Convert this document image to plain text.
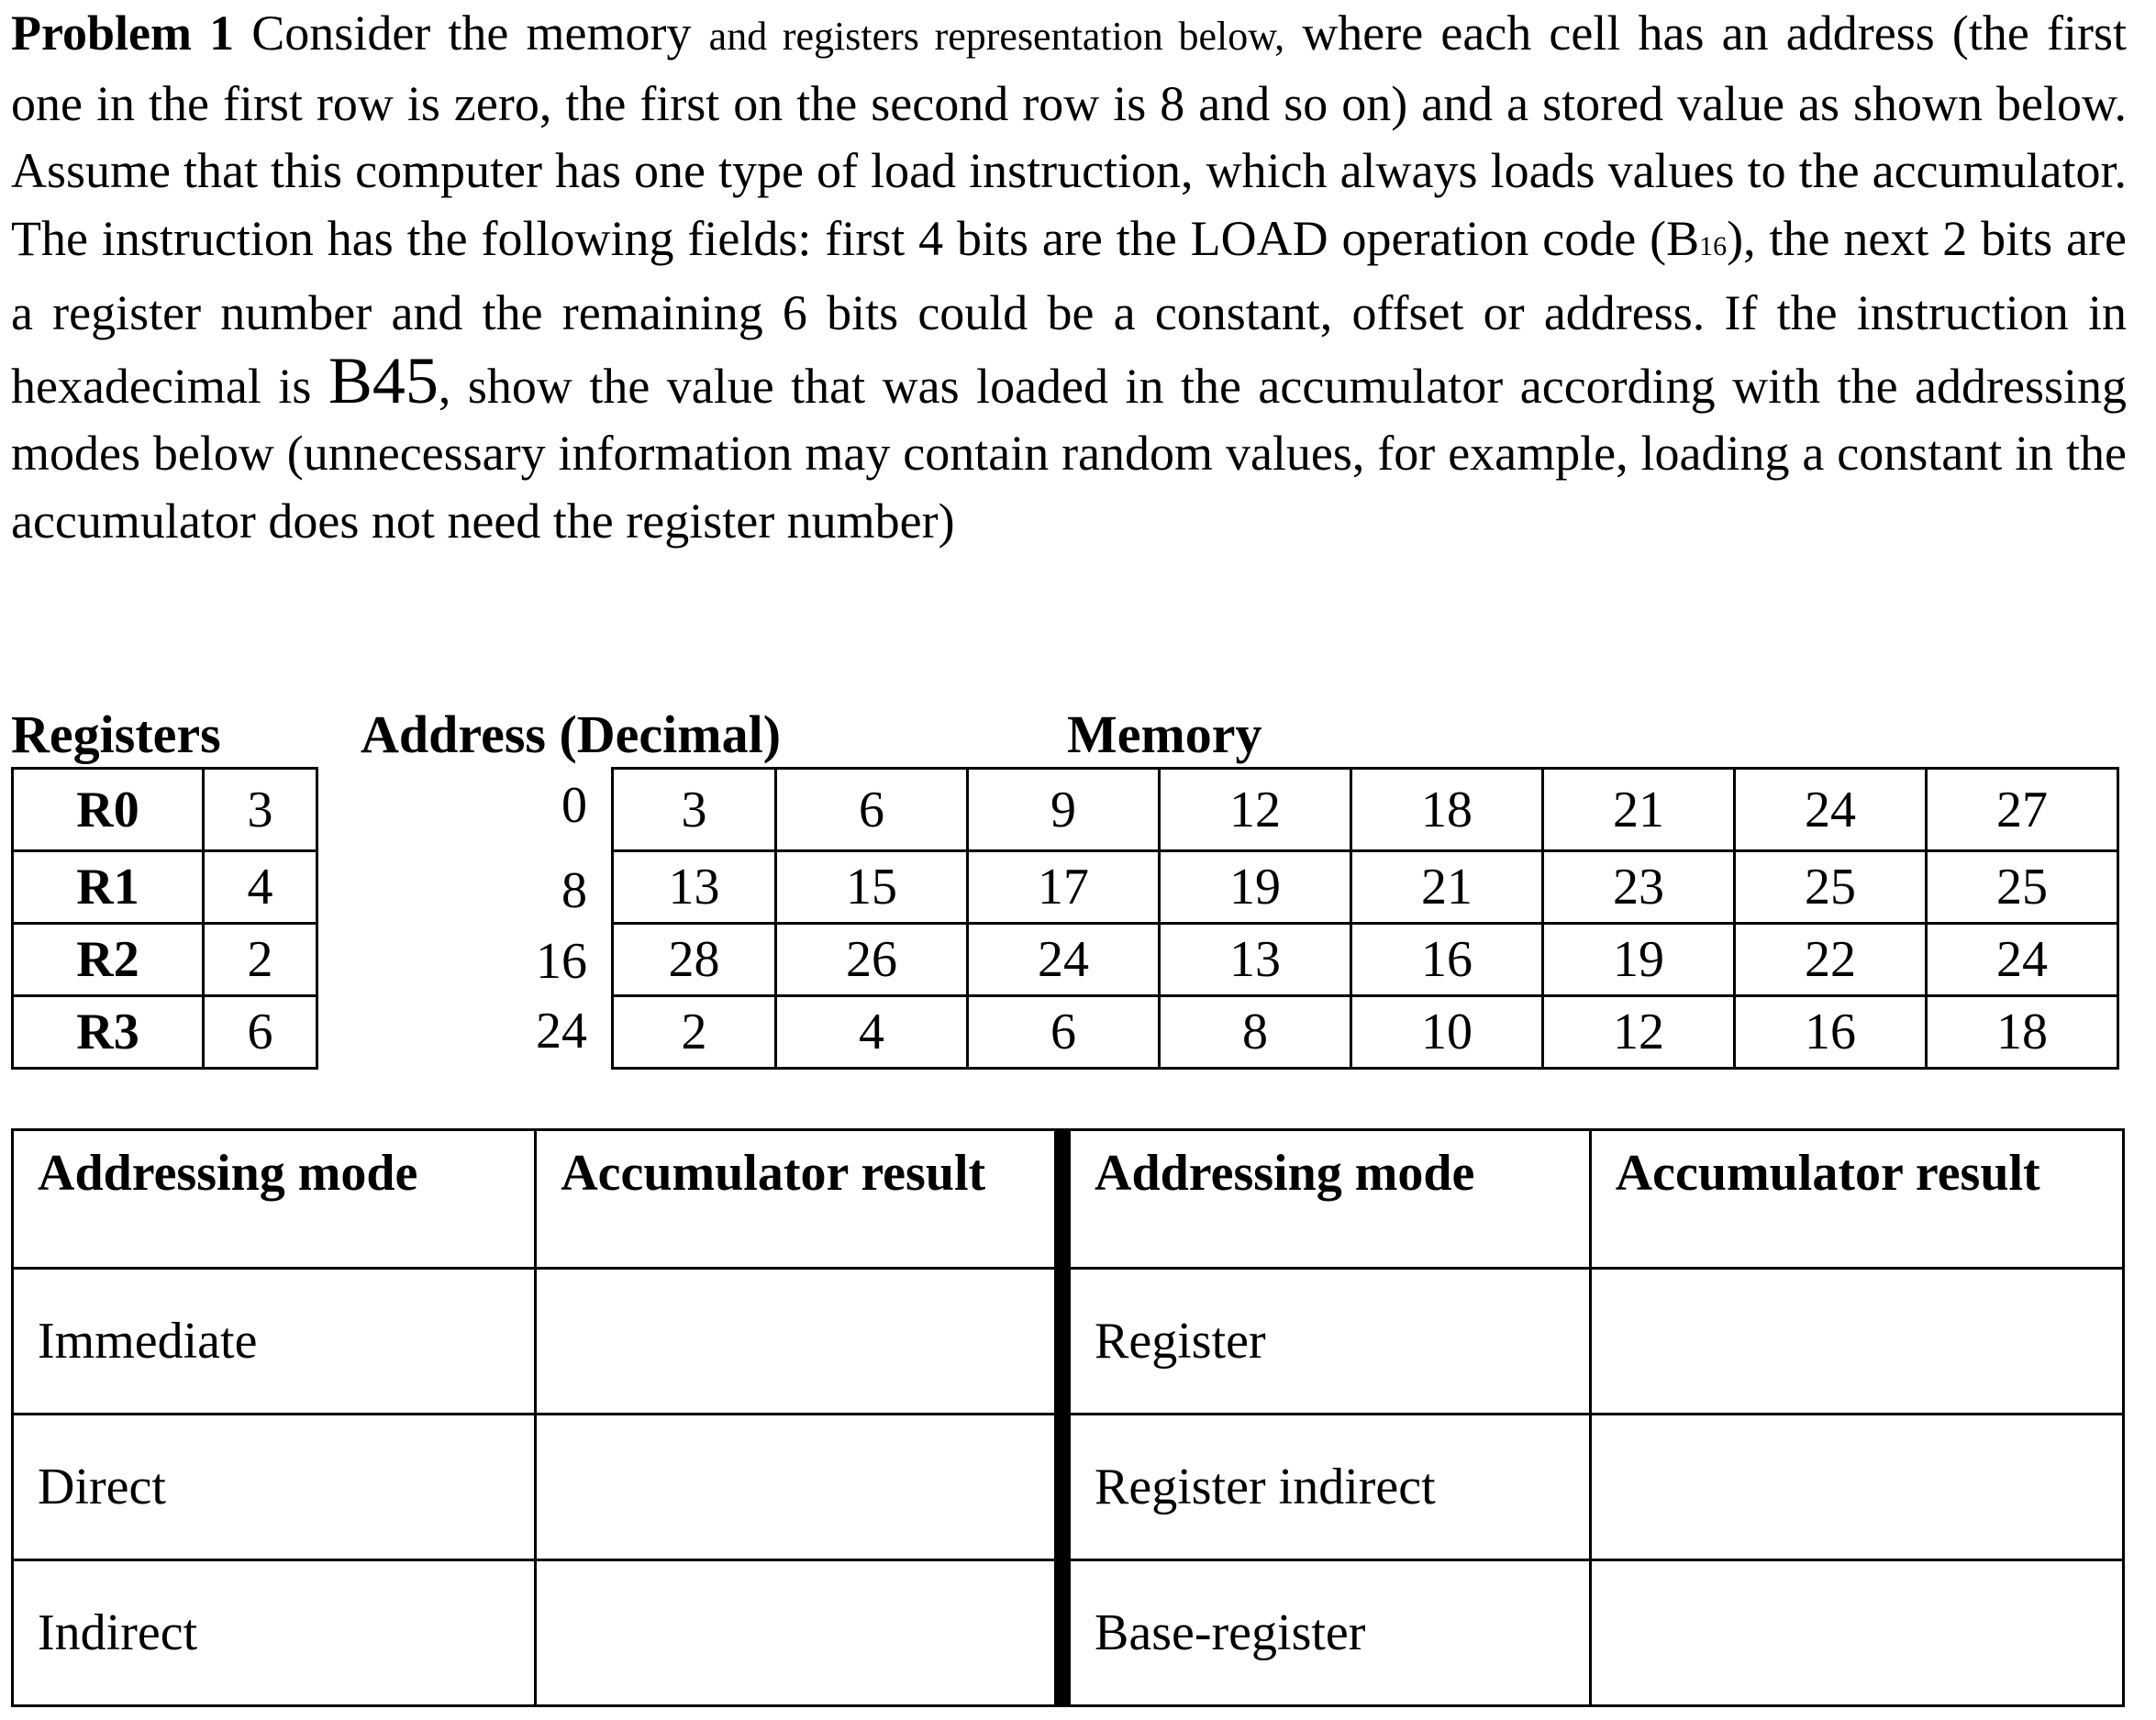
Problem 1 Consider the memory and registers representation below, where each cell has an address (the first one in the first row is zero, the first on the second row is 8 and so on) and a stored value as shown below. Assume that this computer has one type of load instruction, which always loads values to the accumulator. The instruction has the following fields: first 4 bits are the LOAD operation code (B16), the next 2 bits are a register number and the remaining 6 bits could be a constant, offset or address. If the instruction in hexadecimal is B45, show the value that was loaded in the accumulator according with the addressing modes below (unnecessary information may contain random values, for example, loading a constant in the accumulator does not need the register number)
Registers	Address (Decimal)	Memory
R0	3
R1	4
R2	2
R3	6
0
8
16
24
3	6	9	12	18	21	24	27
13	15	17	19	21	23	25	25
28	26	24	13	16	19	22	24
2	4	6	8	10	12	16	18
Addressing mode	Accumulator result	Addressing mode	Accumulator result
Immediate		Register	
Direct		Register indirect	
Indirect		Base-register	
